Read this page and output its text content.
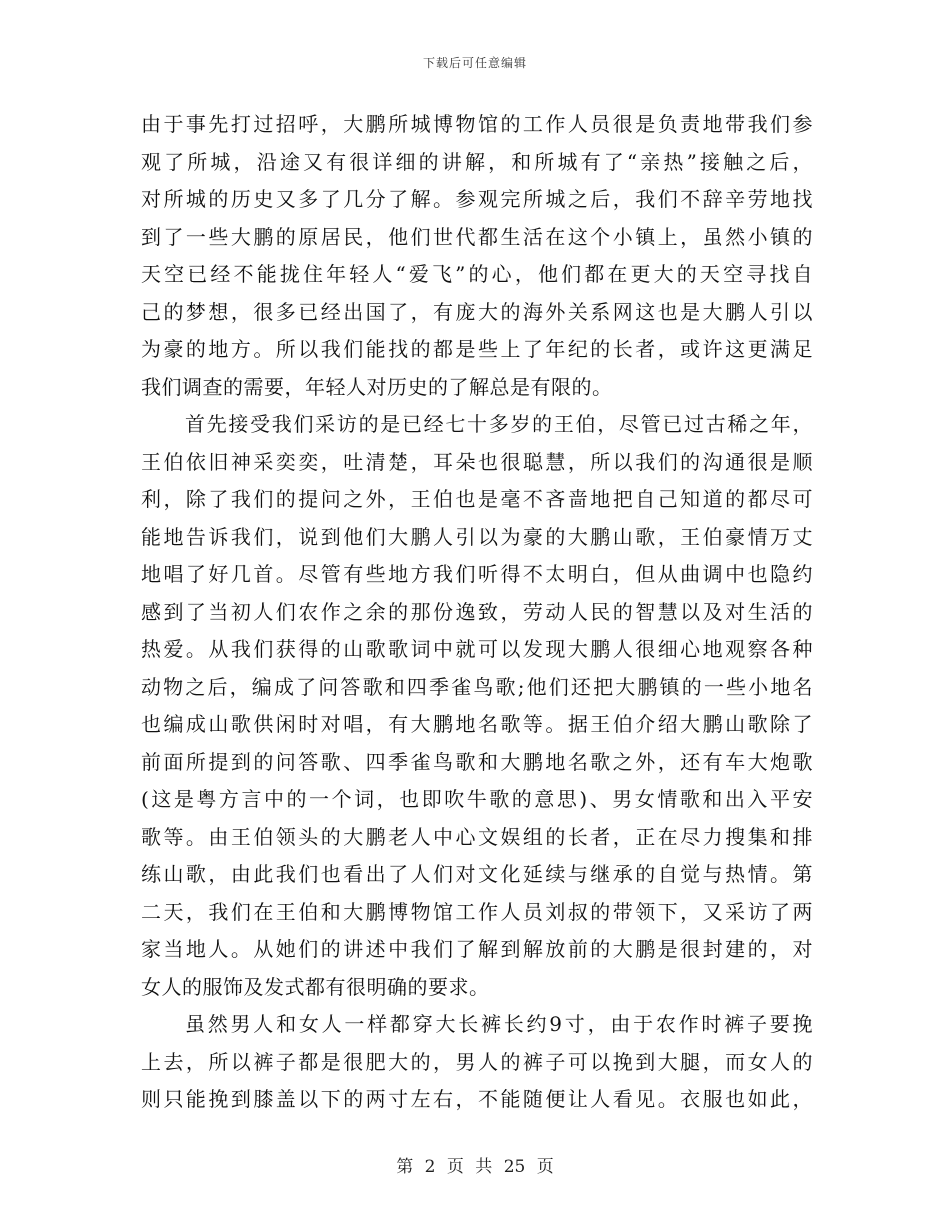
下载后可任意编辑
由于事先打过招呼，大鹏所城博物馆的工作人员很是负责地带我们参
观了所城，沿途又有很详细的讲解，和所城有了“亲热”接触之后，
对所城的历史又多了几分了解。参观完所城之后，我们不辞辛劳地找
到了一些大鹏的原居民，他们世代都生活在这个小镇上，虽然小镇的
天空已经不能拢住年轻人“爱飞”的心，他们都在更大的天空寻找自
己的梦想，很多已经出国了，有庞大的海外关系网这也是大鹏人引以
为豪的地方。所以我们能找的都是些上了年纪的长者，或许这更满足
我们调查的需要，年轻人对历史的了解总是有限的。
首先接受我们采访的是已经七十多岁的王伯，尽管已过古稀之年，
王伯依旧神采奕奕，吐清楚，耳朵也很聪慧，所以我们的沟通很是顺
利，除了我们的提问之外，王伯也是毫不吝啬地把自己知道的都尽可
能地告诉我们，说到他们大鹏人引以为豪的大鹏山歌，王伯豪情万丈
地唱了好几首。尽管有些地方我们听得不太明白，但从曲调中也隐约
感到了当初人们农作之余的那份逸致，劳动人民的智慧以及对生活的
热爱。从我们获得的山歌歌词中就可以发现大鹏人很细心地观察各种
动物之后，编成了问答歌和四季雀鸟歌;他们还把大鹏镇的一些小地名
也编成山歌供闲时对唱，有大鹏地名歌等。据王伯介绍大鹏山歌除了
前面所提到的问答歌、四季雀鸟歌和大鹏地名歌之外，还有车大炮歌
(这是粤方言中的一个词，也即吹牛歌的意思)、男女情歌和出入平安
歌等。由王伯领头的大鹏老人中心文娱组的长者，正在尽力搜集和排
练山歌，由此我们也看出了人们对文化延续与继承的自觉与热情。第
二天，我们在王伯和大鹏博物馆工作人员刘叔的带领下，又采访了两
家当地人。从她们的讲述中我们了解到解放前的大鹏是很封建的，对
女人的服饰及发式都有很明确的要求。
虽然男人和女人一样都穿大长裤长约9寸，由于农作时裤子要挽
上去，所以裤子都是很肥大的，男人的裤子可以挽到大腿，而女人的
则只能挽到膝盖以下的两寸左右，不能随便让人看见。衣服也如此，
第 2 页 共 25 页
